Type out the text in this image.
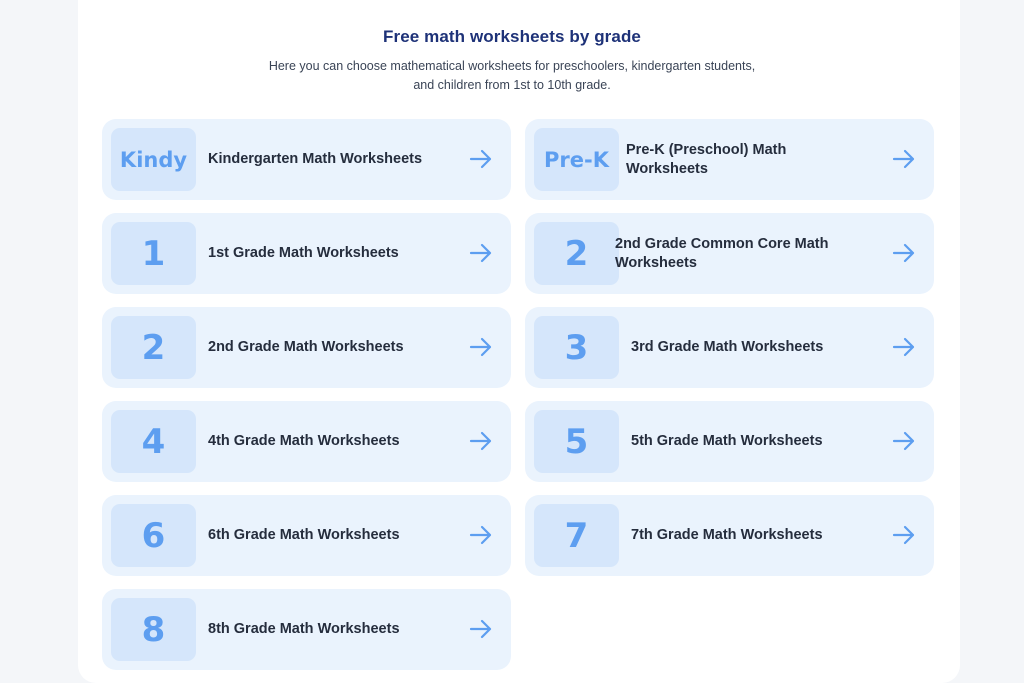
Free math worksheets by grade
Here you can choose mathematical worksheets for preschoolers, kindergarten students,
and children from 1st to 10th grade.
Kindy	Kindergarten Math Worksheets	Pre-K	Pre-K (Preschool) Math Worksheets
1	1st Grade Math Worksheets	2	2nd Grade Common Core Math Worksheets
2	2nd Grade Math Worksheets	3	3rd Grade Math Worksheets
4	4th Grade Math Worksheets	5	5th Grade Math Worksheets
6	6th Grade Math Worksheets	7	7th Grade Math Worksheets
8	8th Grade Math Worksheets
